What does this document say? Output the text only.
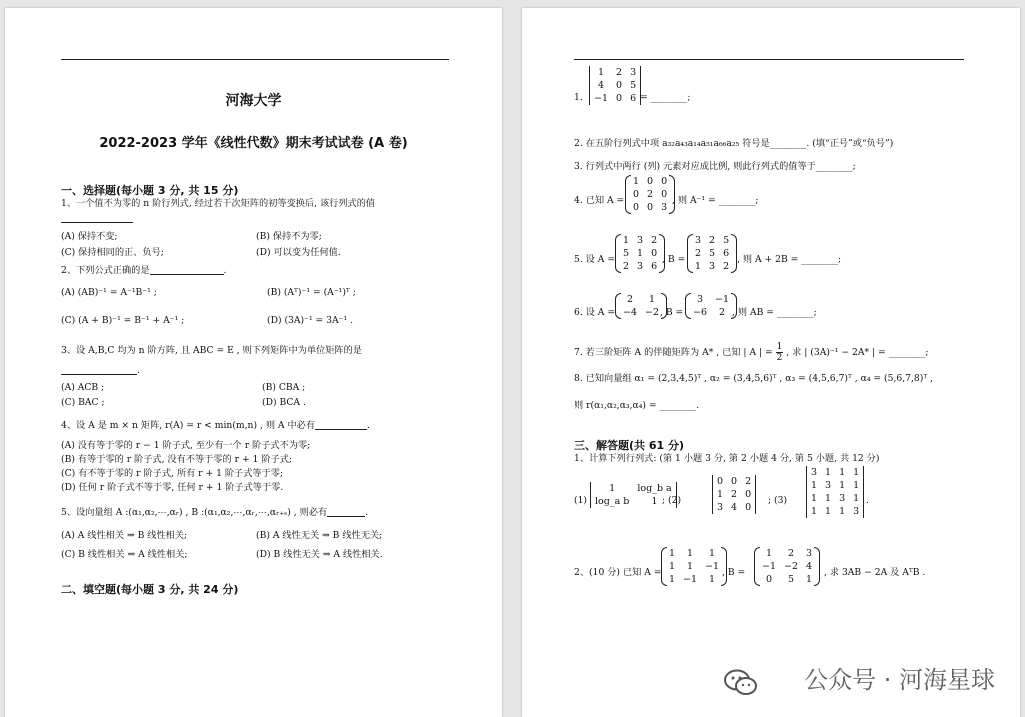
河海大学
2022-2023 学年《线性代数》期末考试试卷 (A 卷)
一、选择题(每小题 3 分, 共 15 分)
1、一个值不为零的 n 阶行列式, 经过若干次矩阵的初等变换后, 该行列式的值
(A) 保持不变;	(B) 保持不为零;
(C) 保持相同的正、负号;	(D) 可以变为任何值.
2、下列公式正确的是	.
(A) (AB)⁻¹ = A⁻¹B⁻¹ ;	(B) (Aᵀ)⁻¹ = (A⁻¹)ᵀ ;
(C) (A + B)⁻¹ = B⁻¹ + A⁻¹ ;	(D) (3A)⁻¹ = 3A⁻¹ .
3、设 A,B,C 均为 n 阶方阵, 且 ABC = E , 则下列矩阵中为单位矩阵的是
.
(A) ACB ;	(B) CBA ;
(C) BAC ;	(D) BCA .
4、设 A 是 m × n 矩阵, r(A) = r < min(m,n) , 则 A 中必有	.
(A) 没有等于零的 r − 1 阶子式, 至少有一个 r 阶子式不为零;
(B) 有等于零的 r 阶子式, 没有不等于零的 r + 1 阶子式;
(C) 有不等于零的 r 阶子式, 所有 r + 1 阶子式等于零;
(D) 任何 r 阶子式不等于零, 任何 r + 1 阶子式等于零.
5、设向量组 A :(α₁,α₂,⋯,αᵣ) , B :(α₁,α₂,⋯,αᵣ,⋯,αᵣ₊ₛ) , 则必有	.
(A) A 线性相关 ⇒ B 线性相关;	(B) A 线性无关 ⇒ B 线性无关;
(C) B 线性相关 ⇒ A 线性相关;	(D) B 线性无关 ⇒ A 线性相关.
二、填空题(每小题 3 分, 共 24 分)
1.
1	2	3
4	0	5
−1	0	6 = ________;
2. 在五阶行列式中项 a₃₂a₄₃a₁₄a₅₁a₆₆a₂₅ 符号是________. (填“正号”或“负号”)
3. 行列式中两行 (列) 元素对应成比例, 则此行列式的值等于________;
4. 已知 A =
1	0	0
0	2	0
0	0	3
, 则 A⁻¹ = ________;
5. 设 A =
1	3	2
5	1	0
2	3	6
, B =
3	2	5
2	5	6
1	3	2
, 则 A + 2B = ________;
6. 设 A =
2	1
−4	−2 , B =
3	−1
−6	2 , 则 AB = ________;
7. 若三阶矩阵 A 的伴随矩阵为 A* , 已知 | A | = $\frac{1}{2}$ , 求 | (3A)⁻¹ − 2A* | = ________;
8. 已知向量组 α₁ = (2,3,4,5)ᵀ , α₂ = (3,4,5,6)ᵀ , α₃ = (4,5,6,7)ᵀ , α₄ = (5,6,7,8)ᵀ ,
则 r(α₁,α₂,α₃,α₄) = ________.
三、解答题(共 61 分)
1、计算下列行列式: (第 1 小题 3 分, 第 2 小题 4 分, 第 5 小题, 共 12 分)
(1)
1	log_b a
log_a b	1 ; (2)
0	0	2
1	2	0
3	4	0
; (3)
3	1	1	1
1	3	1	1
1	1	3	1
1	1	1	3
.
2、(10 分) 已知 A =
1	1	1
1	1	−1
1	−1	1
, B =
1	2	3
−1	−2	4
0	5	1
, 求 3AB − 2A 及 AᵀB .
公众号 · 河海星球
